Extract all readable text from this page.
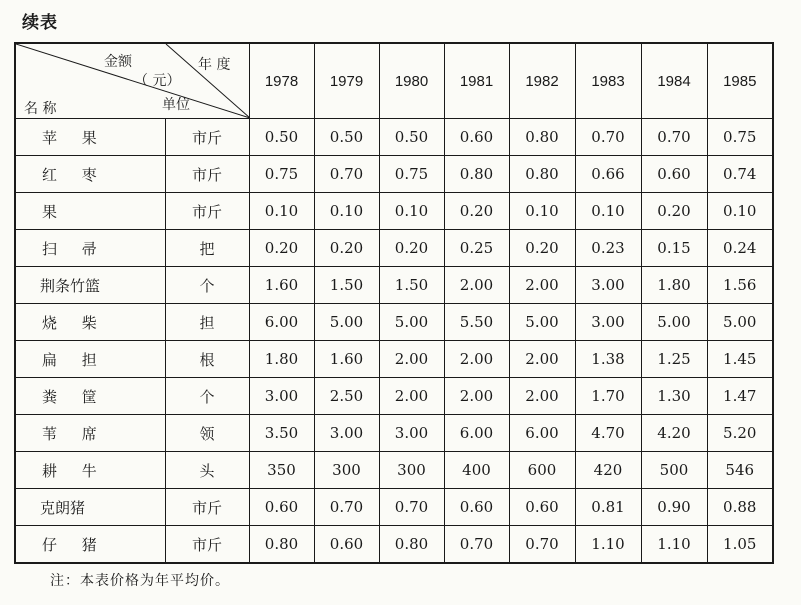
续表
金额
（ 元）
年 度
名 称 单位		1978	1979	1980	1981	1982	1983	1984	1985
苹 果	市斤	0.50	0.50	0.50	0.60	0.80	0.70	0.70	0.75
红 枣	市斤	0.75	0.70	0.75	0.80	0.80	0.66	0.60	0.74
果	市斤	0.10	0.10	0.10	0.20	0.10	0.10	0.20	0.10
扫 帚	把	0.20	0.20	0.20	0.25	0.20	0.23	0.15	0.24
荆条竹篮	个	1.60	1.50	1.50	2.00	2.00	3.00	1.80	1.56
烧 柴	担	6.00	5.00	5.00	5.50	5.00	3.00	5.00	5.00
扁 担	根	1.80	1.60	2.00	2.00	2.00	1.38	1.25	1.45
粪 筐	个	3.00	2.50	2.00	2.00	2.00	1.70	1.30	1.47
苇 席	领	3.50	3.00	3.00	6.00	6.00	4.70	4.20	5.20
耕 牛	头	350	300	300	400	600	420	500	546
克朗猪	市斤	0.60	0.70	0.70	0.60	0.60	0.81	0.90	0.88
仔 猪	市斤	0.80	0.60	0.80	0.70	0.70	1.10	1.10	1.05
注：本表价格为年平均价。
